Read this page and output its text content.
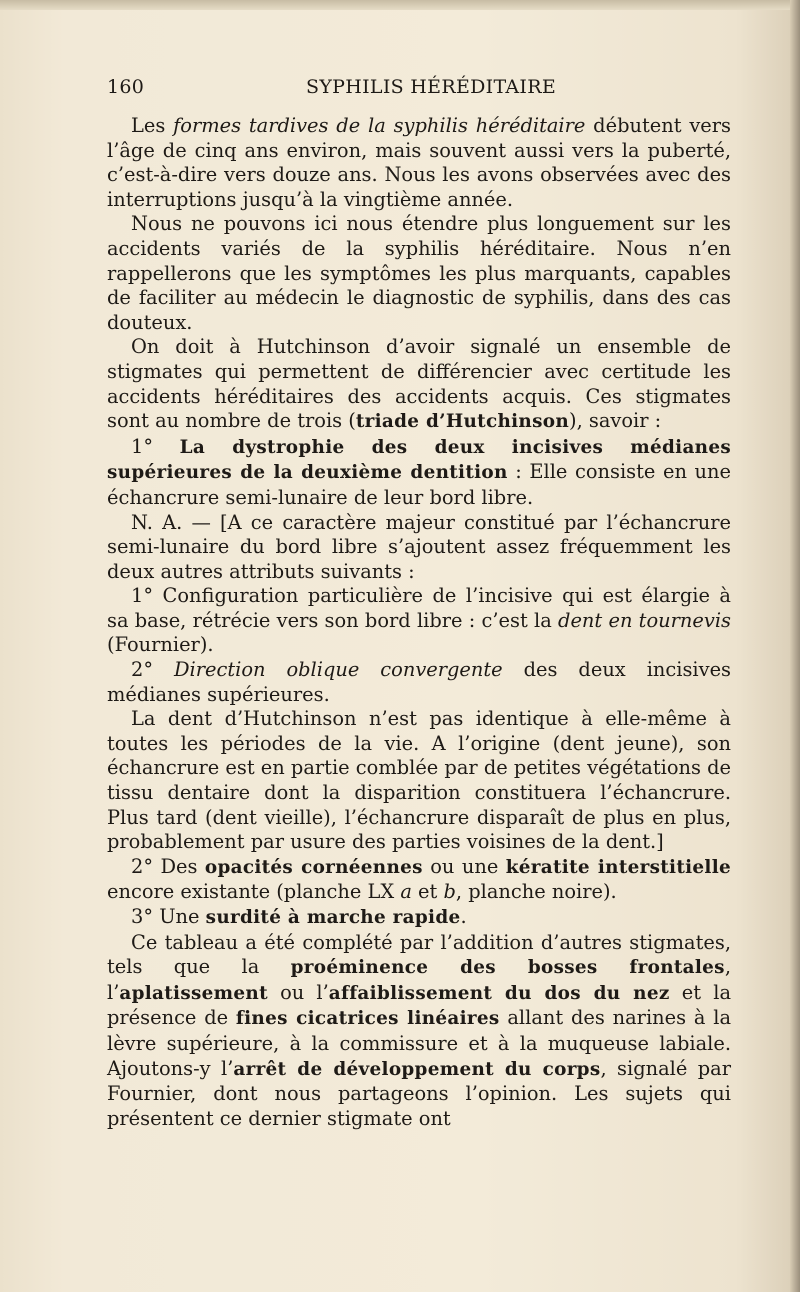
160	SYPHILIS HÉRÉDITAIRE

Les formes tardives de la syphilis héréditaire débutent vers l’âge de cinq ans environ, mais souvent aussi vers la puberté, c’est-à-dire vers douze ans. Nous les avons observées avec des interruptions jusqu’à la vingtième année.

Nous ne pouvons ici nous étendre plus longuement sur les accidents variés de la syphilis héréditaire. Nous n’en rappellerons que les symptômes les plus marquants, capables de faciliter au médecin le diagnostic de syphilis, dans des cas douteux.

On doit à Hutchinson d’avoir signalé un ensemble de stigmates qui permettent de différencier avec certitude les accidents héréditaires des accidents acquis. Ces stigmates sont au nombre de trois (triade d’Hutchinson), savoir :

1° La dystrophie des deux incisives médianes supérieures de la deuxième dentition : Elle consiste en une échancrure semi-lunaire de leur bord libre.

N. A. — [A ce caractère majeur constitué par l’échancrure semi-lunaire du bord libre s’ajoutent assez fréquemment les deux autres attributs suivants :

1° Configuration particulière de l’incisive qui est élargie à sa base, rétrécie vers son bord libre : c’est la dent en tournevis (Fournier).

2° Direction oblique convergente des deux incisives médianes supérieures.

La dent d’Hutchinson n’est pas identique à elle-même à toutes les périodes de la vie. A l’origine (dent jeune), son échancrure est en partie comblée par de petites végétations de tissu dentaire dont la disparition constituera l’échancrure. Plus tard (dent vieille), l’échancrure disparaît de plus en plus, probablement par usure des parties voisines de la dent.]

2° Des opacités cornéennes ou une kératite interstitielle encore existante (planche LX a et b, planche noire).

3° Une surdité à marche rapide.

Ce tableau a été complété par l’addition d’autres stigmates, tels que la proéminence des bosses frontales, l’aplatissement ou l’affaiblissement du dos du nez et la présence de fines cicatrices linéaires allant des narines à la lèvre supérieure, à la commissure et à la muqueuse labiale. Ajoutons-y l’arrêt de développement du corps, signalé par Fournier, dont nous partageons l’opinion. Les sujets qui présentent ce dernier stigmate ont
